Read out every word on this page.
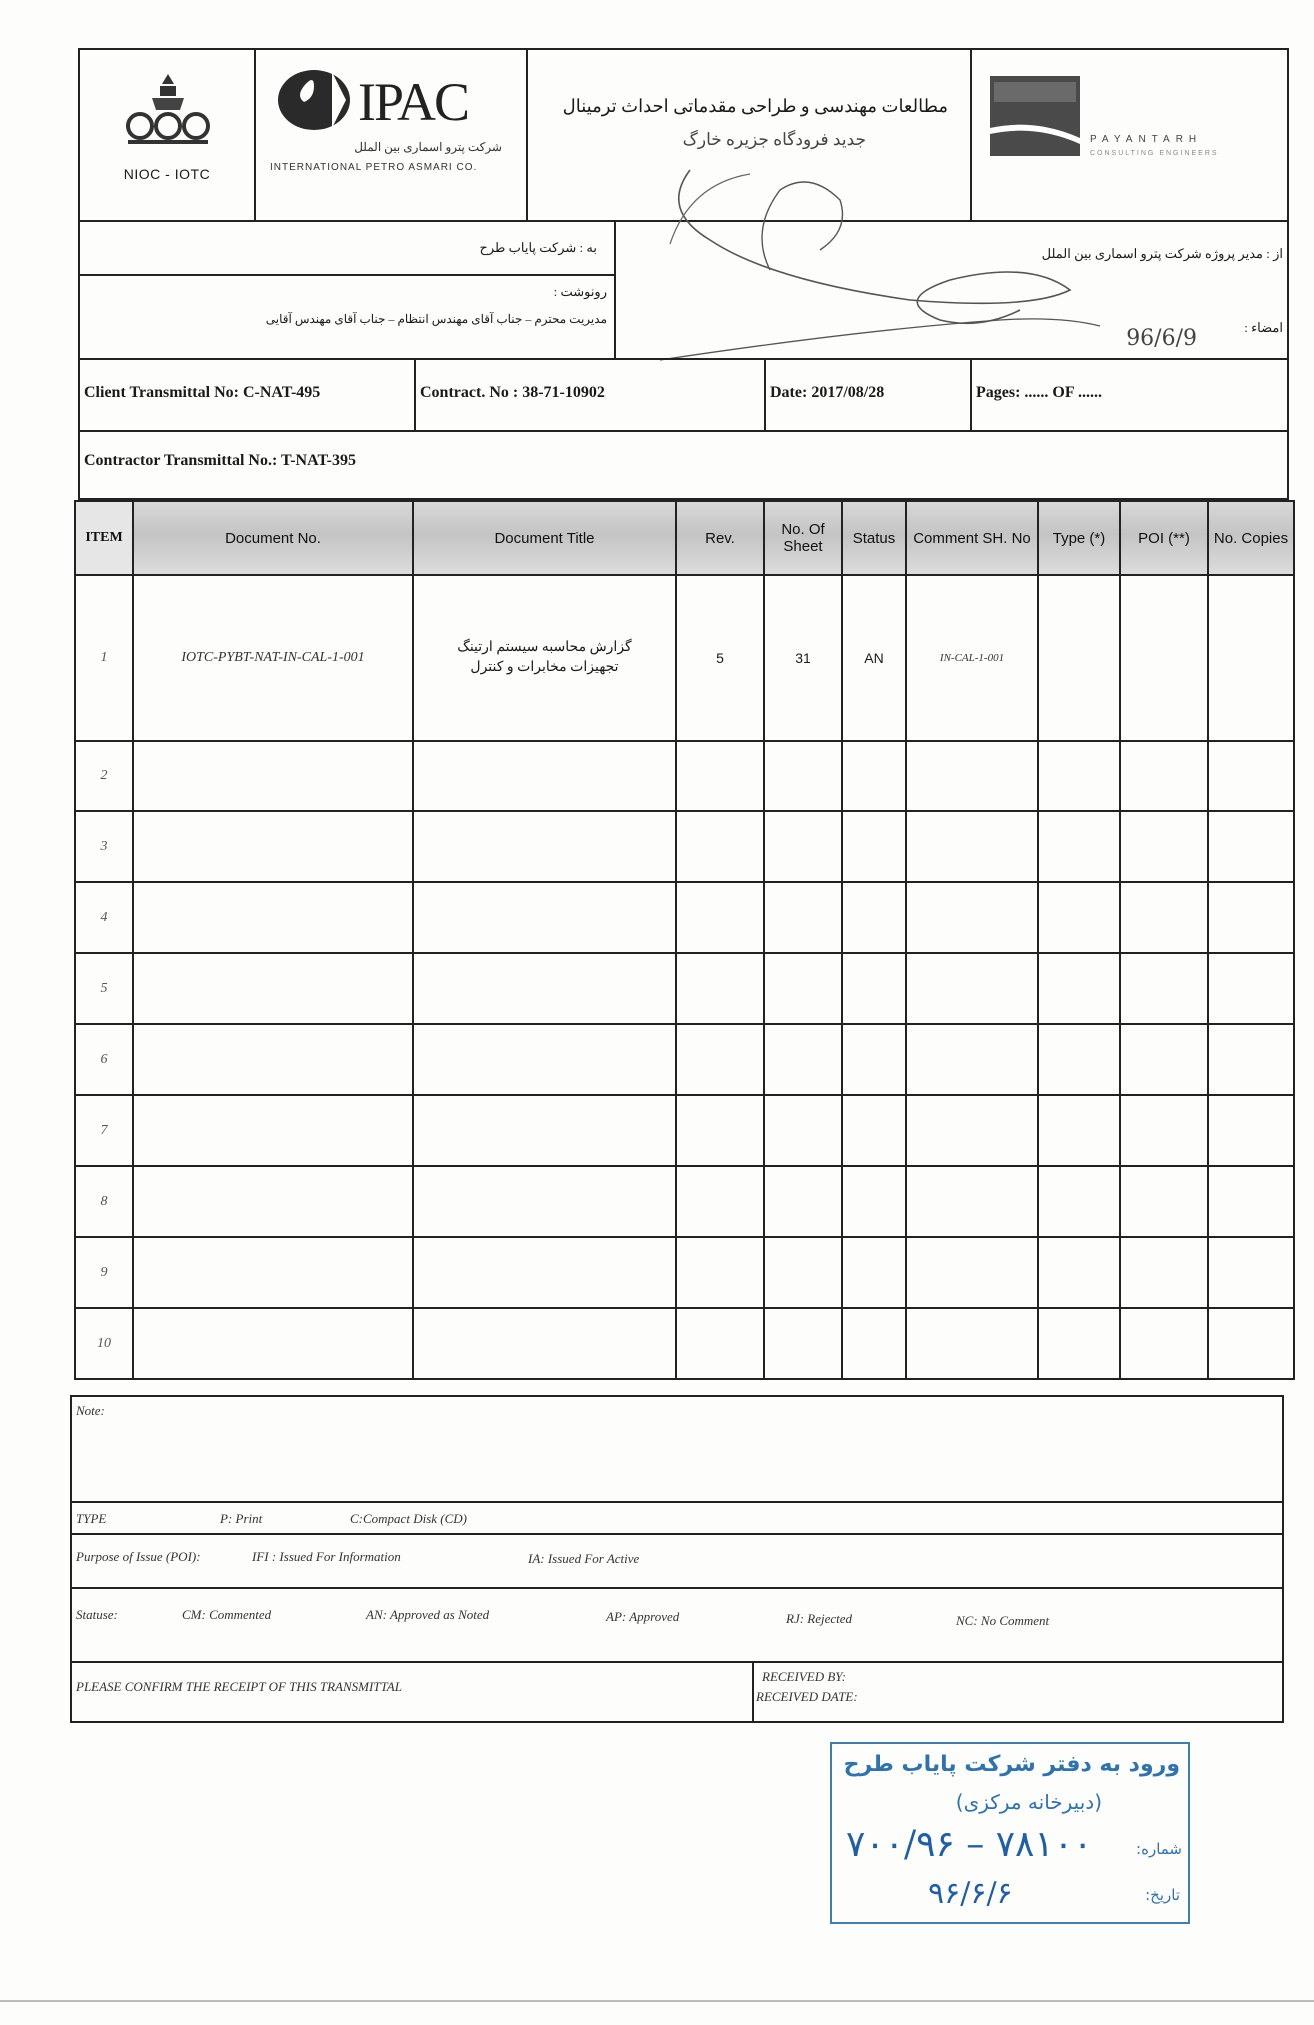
NIOC - IOTC
IPAC
شرکت پترو اسماری بین الملل
INTERNATIONAL PETRO ASMARI CO.
مطالعات مهندسی و طراحی مقدماتی احداث ترمینال
جدید فرودگاه جزیره خارگ	PAYANTARH
CONSULTING ENGINEERS
به : شرکت پایاب طرح
رونوشت :
مدیریت محترم – جناب آقای مهندس انتظام – جناب آقای مهندس آقایی
از : مدیر پروژه شرکت پترو اسماری بین الملل
امضاء :
96/6/9
Client Transmittal No: C-NAT-495	Contract. No : 38-71-10902	Date: 2017/08/28	Pages: ...... OF ......
Contractor Transmittal No.: T-NAT-395
ITEM	Document No.	Document Title	Rev.	No. Of Sheet	Status	Comment SH. No	Type (*)	POI (**)	No. Copies
1	IOTC-PYBT-NAT-IN-CAL-1-001	گزارش محاسبه سیستم ارتینگ
تجهیزات مخابرات و کنترل	5	31	AN	IN-CAL-1-001			
2									
3									
4									
5									
6									
7									
8									
9									
10									
Note:
TYPE	P: Print	C:Compact Disk (CD)
Purpose of Issue (POI):	IFI : Issued For Information	IA: Issued For Active
Statuse:	CM: Commented	AN: Approved as Noted	AP: Approved	RJ: Rejected	NC: No Comment
PLEASE CONFIRM THE RECEIPT OF THIS TRANSMITTAL
RECEIVED BY:
RECEIVED DATE:
ورود به دفتر شرکت پایاب طرح
(دبیرخانه مرکزی)
شماره:
۷۰۰/۹۶ – ۷۸۱۰۰
تاریخ:
۹۶/۶/۶
